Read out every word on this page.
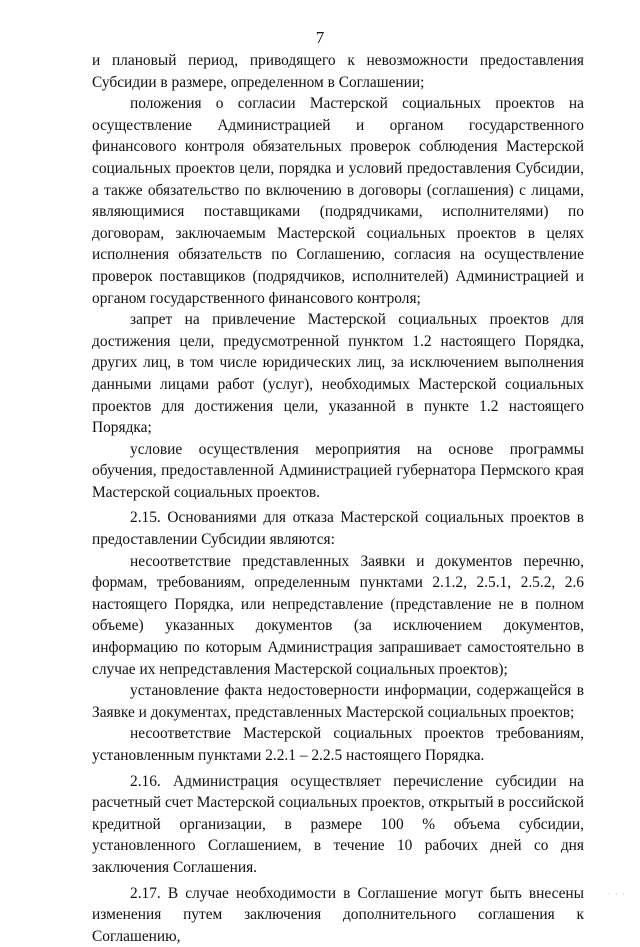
7

и плановый период, приводящего к невозможности предоставления Субсидии в размере, определенном в Соглашении;

положения о согласии Мастерской социальных проектов на осуществление Администрацией и органом государственного финансового контроля обязательных проверок соблюдения Мастерской социальных проектов цели, порядка и условий предоставления Субсидии, а также обязательство по включению в договоры (соглашения) с лицами, являющимися поставщиками (подрядчиками, исполнителями) по договорам, заключаемым Мастерской социальных проектов в целях исполнения обязательств по Соглашению, согласия на осуществление проверок поставщиков (подрядчиков, исполнителей) Администрацией и органом государственного финансового контроля;

запрет на привлечение Мастерской социальных проектов для достижения цели, предусмотренной пунктом 1.2 настоящего Порядка, других лиц, в том числе юридических лиц, за исключением выполнения данными лицами работ (услуг), необходимых Мастерской социальных проектов для достижения цели, указанной в пункте 1.2 настоящего Порядка;

условие осуществления мероприятия на основе программы обучения, предоставленной Администрацией губернатора Пермского края Мастерской социальных проектов.

2.15. Основаниями для отказа Мастерской социальных проектов в предоставлении Субсидии являются:

несоответствие представленных Заявки и документов перечню, формам, требованиям, определенным пунктами 2.1.2, 2.5.1, 2.5.2, 2.6 настоящего Порядка, или непредставление (представление не в полном объеме) указанных документов (за исключением документов, информацию по которым Администрация запрашивает самостоятельно в случае их непредставления Мастерской социальных проектов);

установление факта недостоверности информации, содержащейся в Заявке и документах, представленных Мастерской социальных проектов;

несоответствие Мастерской социальных проектов требованиям, установленным пунктами 2.2.1 – 2.2.5 настоящего Порядка.

2.16. Администрация осуществляет перечисление субсидии на расчетный счет Мастерской социальных проектов, открытый в российской кредитной организации, в размере 100 % объема субсидии, установленного Соглашением, в течение 10 рабочих дней со дня заключения Соглашения.

2.17. В случае необходимости в Соглашение могут быть внесены изменения путем заключения дополнительного соглашения к Соглашению,

· · ·
